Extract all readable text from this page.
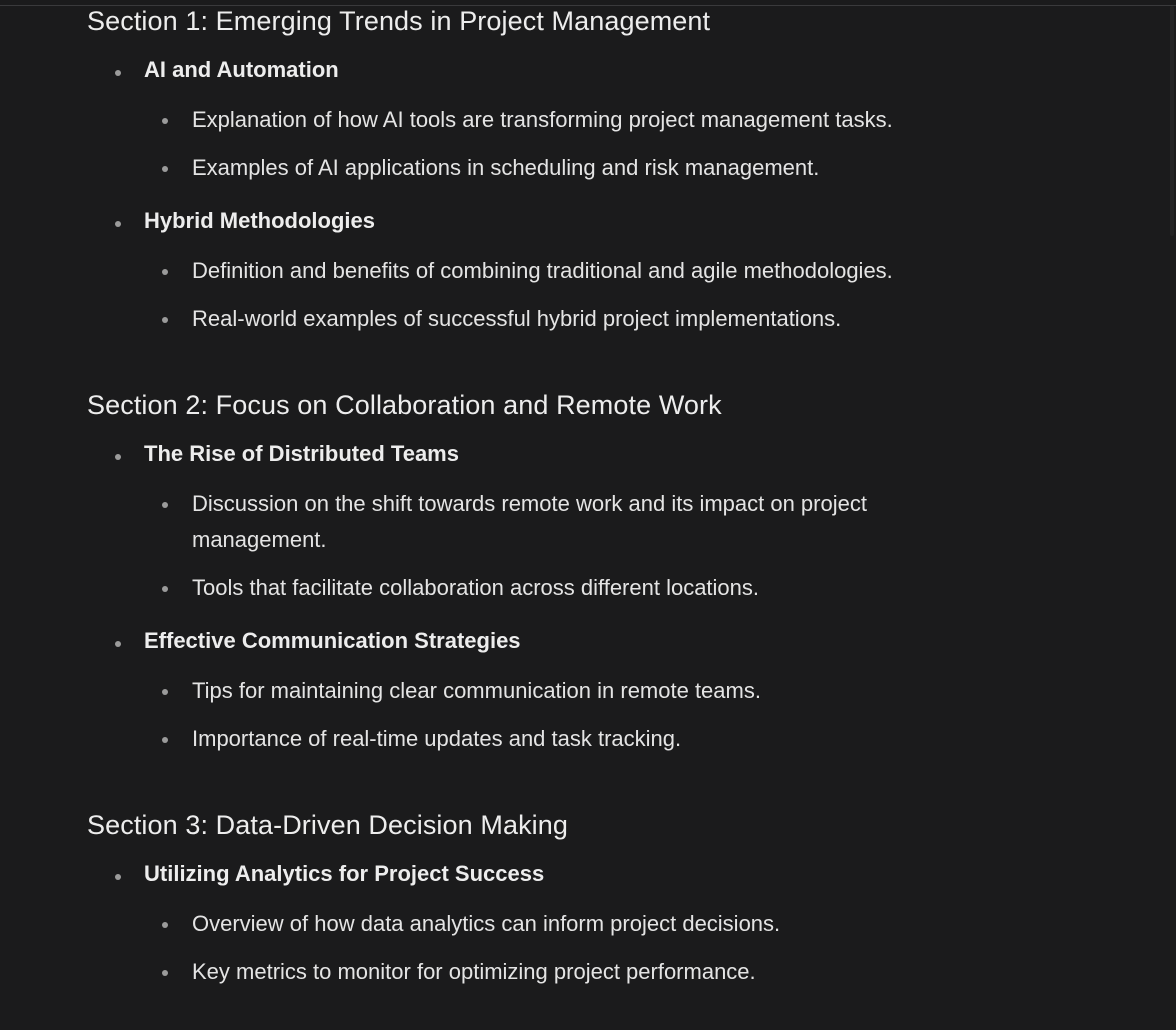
Section 1: Emerging Trends in Project Management
AI and Automation
Explanation of how AI tools are transforming project management tasks.
Examples of AI applications in scheduling and risk management.
Hybrid Methodologies
Definition and benefits of combining traditional and agile methodologies.
Real-world examples of successful hybrid project implementations.
Section 2: Focus on Collaboration and Remote Work
The Rise of Distributed Teams
Discussion on the shift towards remote work and its impact on project management.
Tools that facilitate collaboration across different locations.
Effective Communication Strategies
Tips for maintaining clear communication in remote teams.
Importance of real-time updates and task tracking.
Section 3: Data-Driven Decision Making
Utilizing Analytics for Project Success
Overview of how data analytics can inform project decisions.
Key metrics to monitor for optimizing project performance.
